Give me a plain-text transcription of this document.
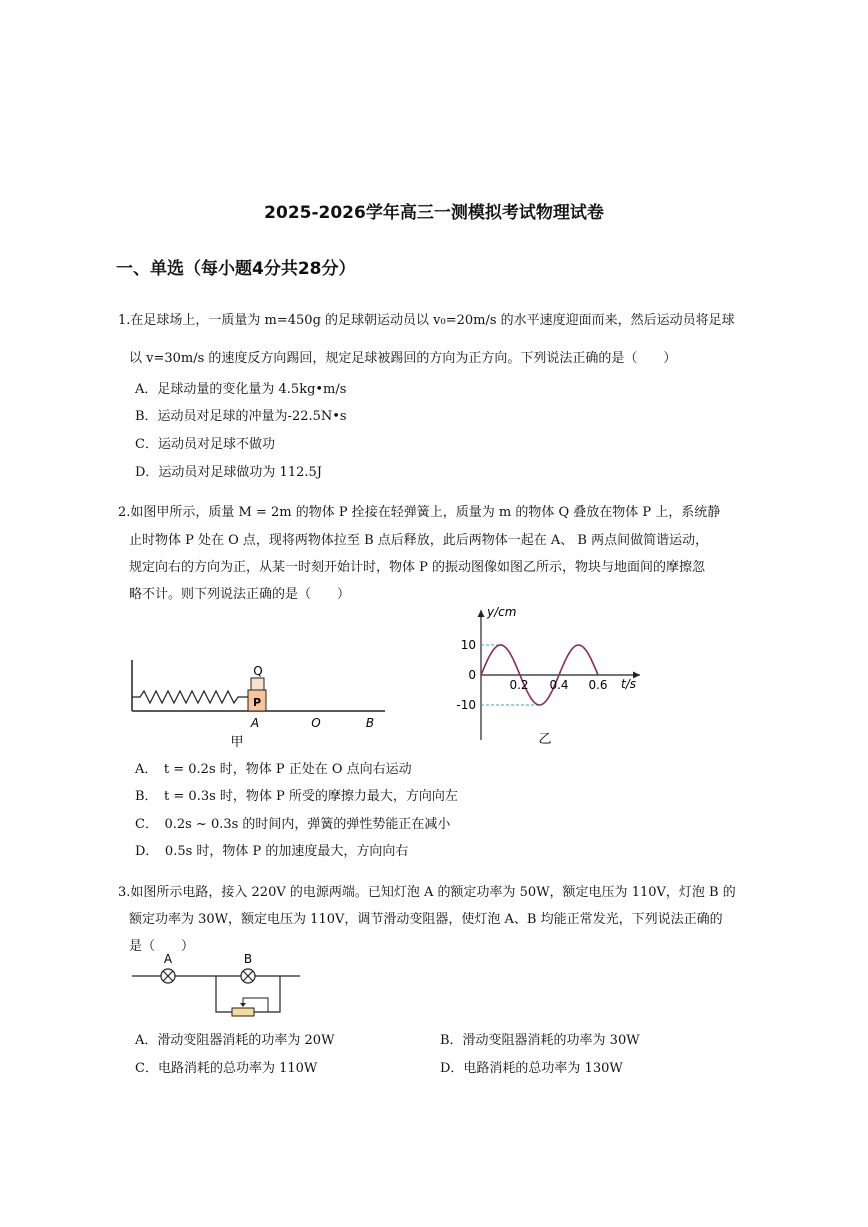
2025-2026学年高三一测模拟考试物理试卷
一、单选（每小题4分共28分）
1.在足球场上，一质量为 m=450g 的足球朝运动员以 v₀=20m/s 的水平速度迎面而来，然后运动员将足球
以 v=30m/s 的速度反方向踢回，规定足球被踢回的方向为正方向。下列说法正确的是（　　）
A．足球动量的变化量为 4.5kg•m/s
B．运动员对足球的冲量为-22.5N•s
C．运动员对足球不做功
D．运动员对足球做功为 112.5J
2.如图甲所示，质量 M = 2m 的物体 P 拴接在轻弹簧上，质量为 m 的物体 Q 叠放在物体 P 上，系统静
止时物体 P 处在 O 点，现将两物体拉至 B 点后释放，此后两物体一起在 A、 B 两点间做简谐运动，
规定向右的方向为正，从某一时刻开始计时，物体 P 的振动图像如图乙所示，物块与地面间的摩擦忽
略不计。则下列说法正确的是（　　）
P
Q
A	O	B
甲
y/cm
t/s
10
0
-10
0.2 0.4 0.6
乙
A．　t = 0.2s 时，物体 P 正处在 O 点向右运动
B．　t = 0.3s 时，物体 P 所受的摩擦力最大，方向向左
C．　0.2s ~ 0.3s 的时间内，弹簧的弹性势能正在减小
D．　0.5s 时，物体 P 的加速度最大，方向向右
3.如图所示电路，接入 220V 的电源两端。已知灯泡 A 的额定功率为 50W，额定电压为 110V，灯泡 B 的
额定功率为 30W，额定电压为 110V，调节滑动变阻器，使灯泡 A、B 均能正常发光，下列说法正确的
是（　　）
A	B
A．滑动变阻器消耗的功率为 20W	B．滑动变阻器消耗的功率为 30W
C．电路消耗的总功率为 110W	D．电路消耗的总功率为 130W
